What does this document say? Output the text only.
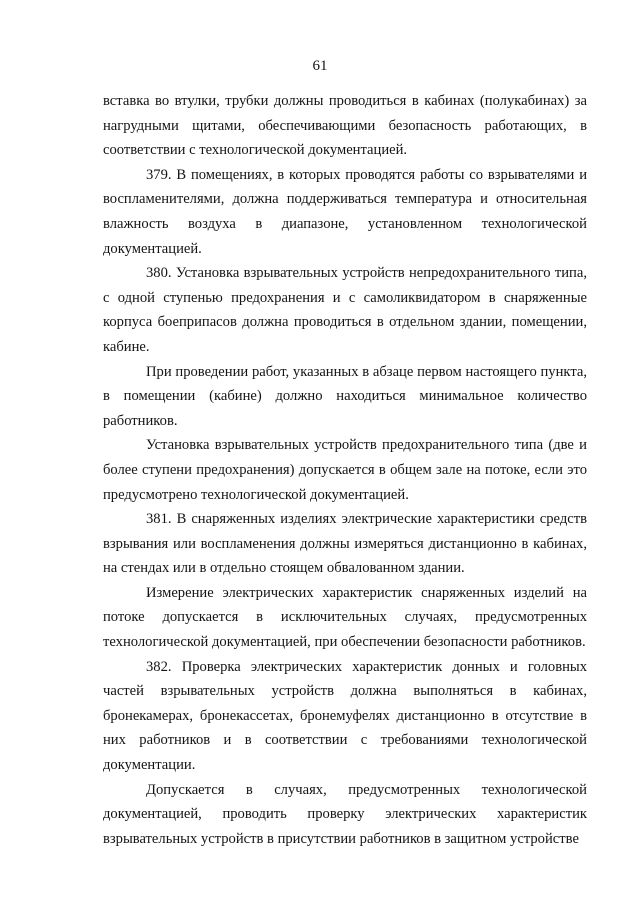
61

вставка во втулки, трубки должны проводиться в кабинах (полукабинах) за нагрудными щитами, обеспечивающими безопасность работающих, в соответствии с технологической документацией.

379. В помещениях, в которых проводятся работы со взрывателями и воспламенителями, должна поддерживаться температура и относительная влажность воздуха в диапазоне, установленном технологической документацией.

380. Установка взрывательных устройств непредохранительного типа, с одной ступенью предохранения и с самоликвидатором в снаряженные корпуса боеприпасов должна проводиться в отдельном здании, помещении, кабине.

При проведении работ, указанных в абзаце первом настоящего пункта, в помещении (кабине) должно находиться минимальное количество работников.

Установка взрывательных устройств предохранительного типа (две и более ступени предохранения) допускается в общем зале на потоке, если это предусмотрено технологической документацией.

381. В снаряженных изделиях электрические характеристики средств взрывания или воспламенения должны измеряться дистанционно в кабинах, на стендах или в отдельно стоящем обвалованном здании.

Измерение электрических характеристик снаряженных изделий на потоке допускается в исключительных случаях, предусмотренных технологической документацией, при обеспечении безопасности работников.

382. Проверка электрических характеристик донных и головных частей взрывательных устройств должна выполняться в кабинах, бронекамерах, бронекассетах, бронемуфелях дистанционно в отсутствие в них работников и в соответствии с требованиями технологической документации.

Допускается в случаях, предусмотренных технологической документацией, проводить проверку электрических характеристик взрывательных устройств в присутствии работников в защитном устройстве
